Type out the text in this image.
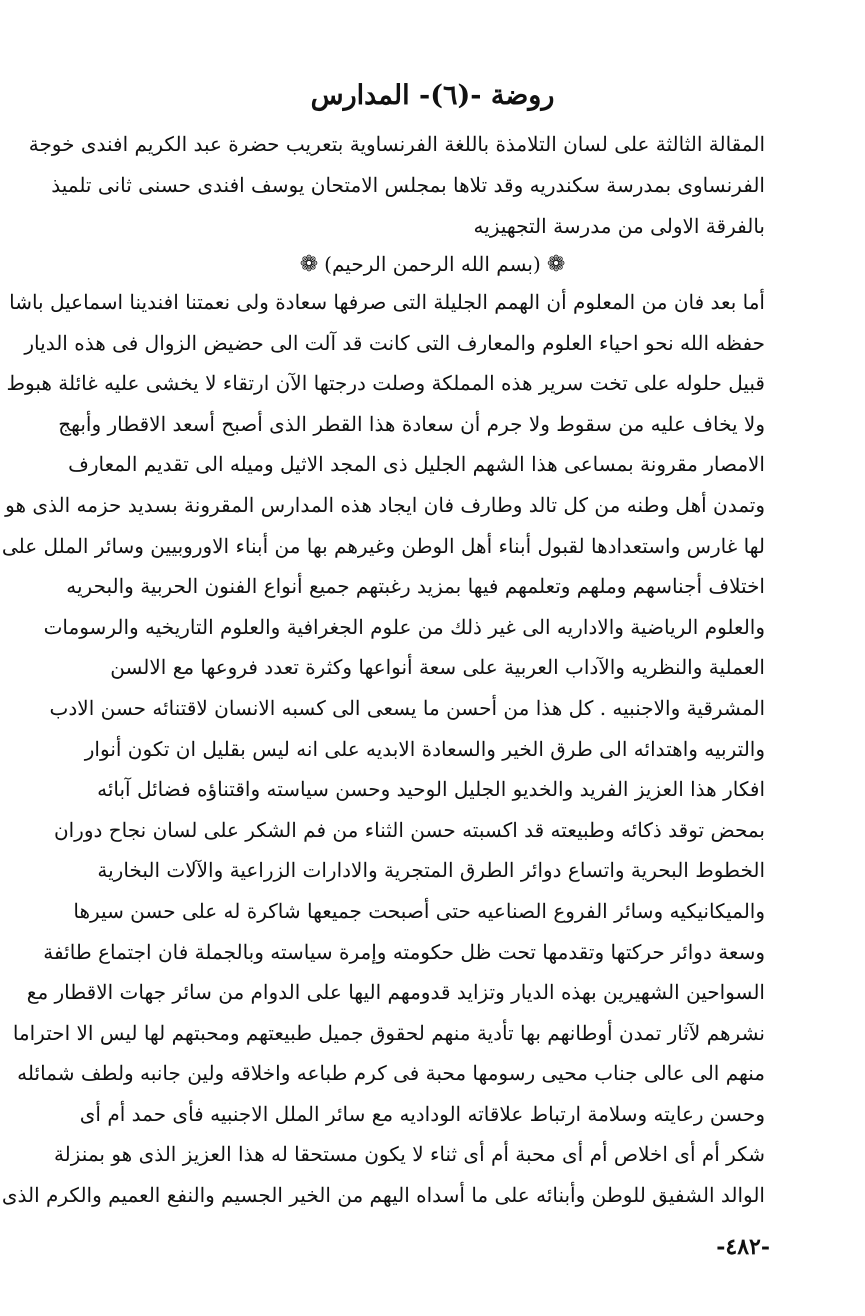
روضة -(٦)- المدارس
المقالة الثالثة على لسان التلامذة باللغة الفرنساوية بتعريب حضرة عبد الكريم افندى خوجة
الفرنساوى بمدرسة سكندريه وقد تلاها بمجلس الامتحان يوسف افندى حسنى ثانى تلميذ
بالفرقة الاولى من مدرسة التجهيزيه
❁(بسم الله الرحمن الرحيم)❁
أما بعد فان من المعلوم أن الهمم الجليلة التى صرفها سعادة ولى نعمتنا افندينا اسماعيل باشا
حفظه الله نحو احياء العلوم والمعارف التى كانت قد آلت الى حضيض الزوال فى هذه الديار
قبيل حلوله على تخت سرير هذه المملكة وصلت درجتها الآن ارتقاء لا يخشى عليه غائلة هبوط
ولا يخاف عليه من سقوط ولا جرم أن سعادة هذا القطر الذى أصبح أسعد الاقطار وأبهج
الامصار مقرونة بمساعى هذا الشهم الجليل ذى المجد الاثيل وميله الى تقديم المعارف
وتمدن أهل وطنه من كل تالد وطارف فان ايجاد هذه المدارس المقرونة بسديد حزمه الذى هو
لها غارس واستعدادها لقبول أبناء أهل الوطن وغيرهم بها من أبناء الاوروبيين وسائر الملل على
اختلاف أجناسهم وملهم وتعلمهم فيها بمزيد رغبتهم جميع أنواع الفنون الحربية والبحريه
والعلوم الرياضية والاداريه الى غير ذلك من علوم الجغرافية والعلوم التاريخيه والرسومات
العملية والنظريه والآداب العربية على سعة أنواعها وكثرة تعدد فروعها مع الالسن
المشرقية والاجنبيه . كل هذا من أحسن ما يسعى الى كسبه الانسان لاقتنائه حسن الادب
والتربيه واهتدائه الى طرق الخير والسعادة الابديه على انه ليس بقليل ان تكون أنوار
افكار هذا العزيز الفريد والخديو الجليل الوحيد وحسن سياسته واقتناؤه فضائل آبائه
بمحض توقد ذكائه وطبيعته قد اكسبته حسن الثناء من فم الشكر على لسان نجاح دوران
الخطوط البحرية واتساع دوائر الطرق المتجرية والادارات الزراعية والآلات البخارية
والميكانيكيه وسائر الفروع الصناعيه حتى أصبحت جميعها شاكرة له على حسن سيرها
وسعة دوائر حركتها وتقدمها تحت ظل حكومته وإمرة سياسته وبالجملة فان اجتماع طائفة
السواحين الشهيرين بهذه الديار وتزايد قدومهم اليها على الدوام من سائر جهات الاقطار مع
نشرهم لآثار تمدن أوطانهم بها تأدية منهم لحقوق جميل طبيعتهم ومحبتهم لها ليس الا احتراما
منهم الى عالى جناب محيى رسومها محبة فى كرم طباعه واخلاقه ولين جانبه ولطف شمائله
وحسن رعايته وسلامة ارتباط علاقاته الوداديه مع سائر الملل الاجنبيه فأى حمد أم أى
شكر أم أى اخلاص أم أى محبة أم أى ثناء لا يكون مستحقا له هذا العزيز الذى هو بمنزلة
الوالد الشفيق للوطن وأبنائه على ما أسداه اليهم من الخير الجسيم والنفع العميم والكرم الذى
-٤٨٢-
